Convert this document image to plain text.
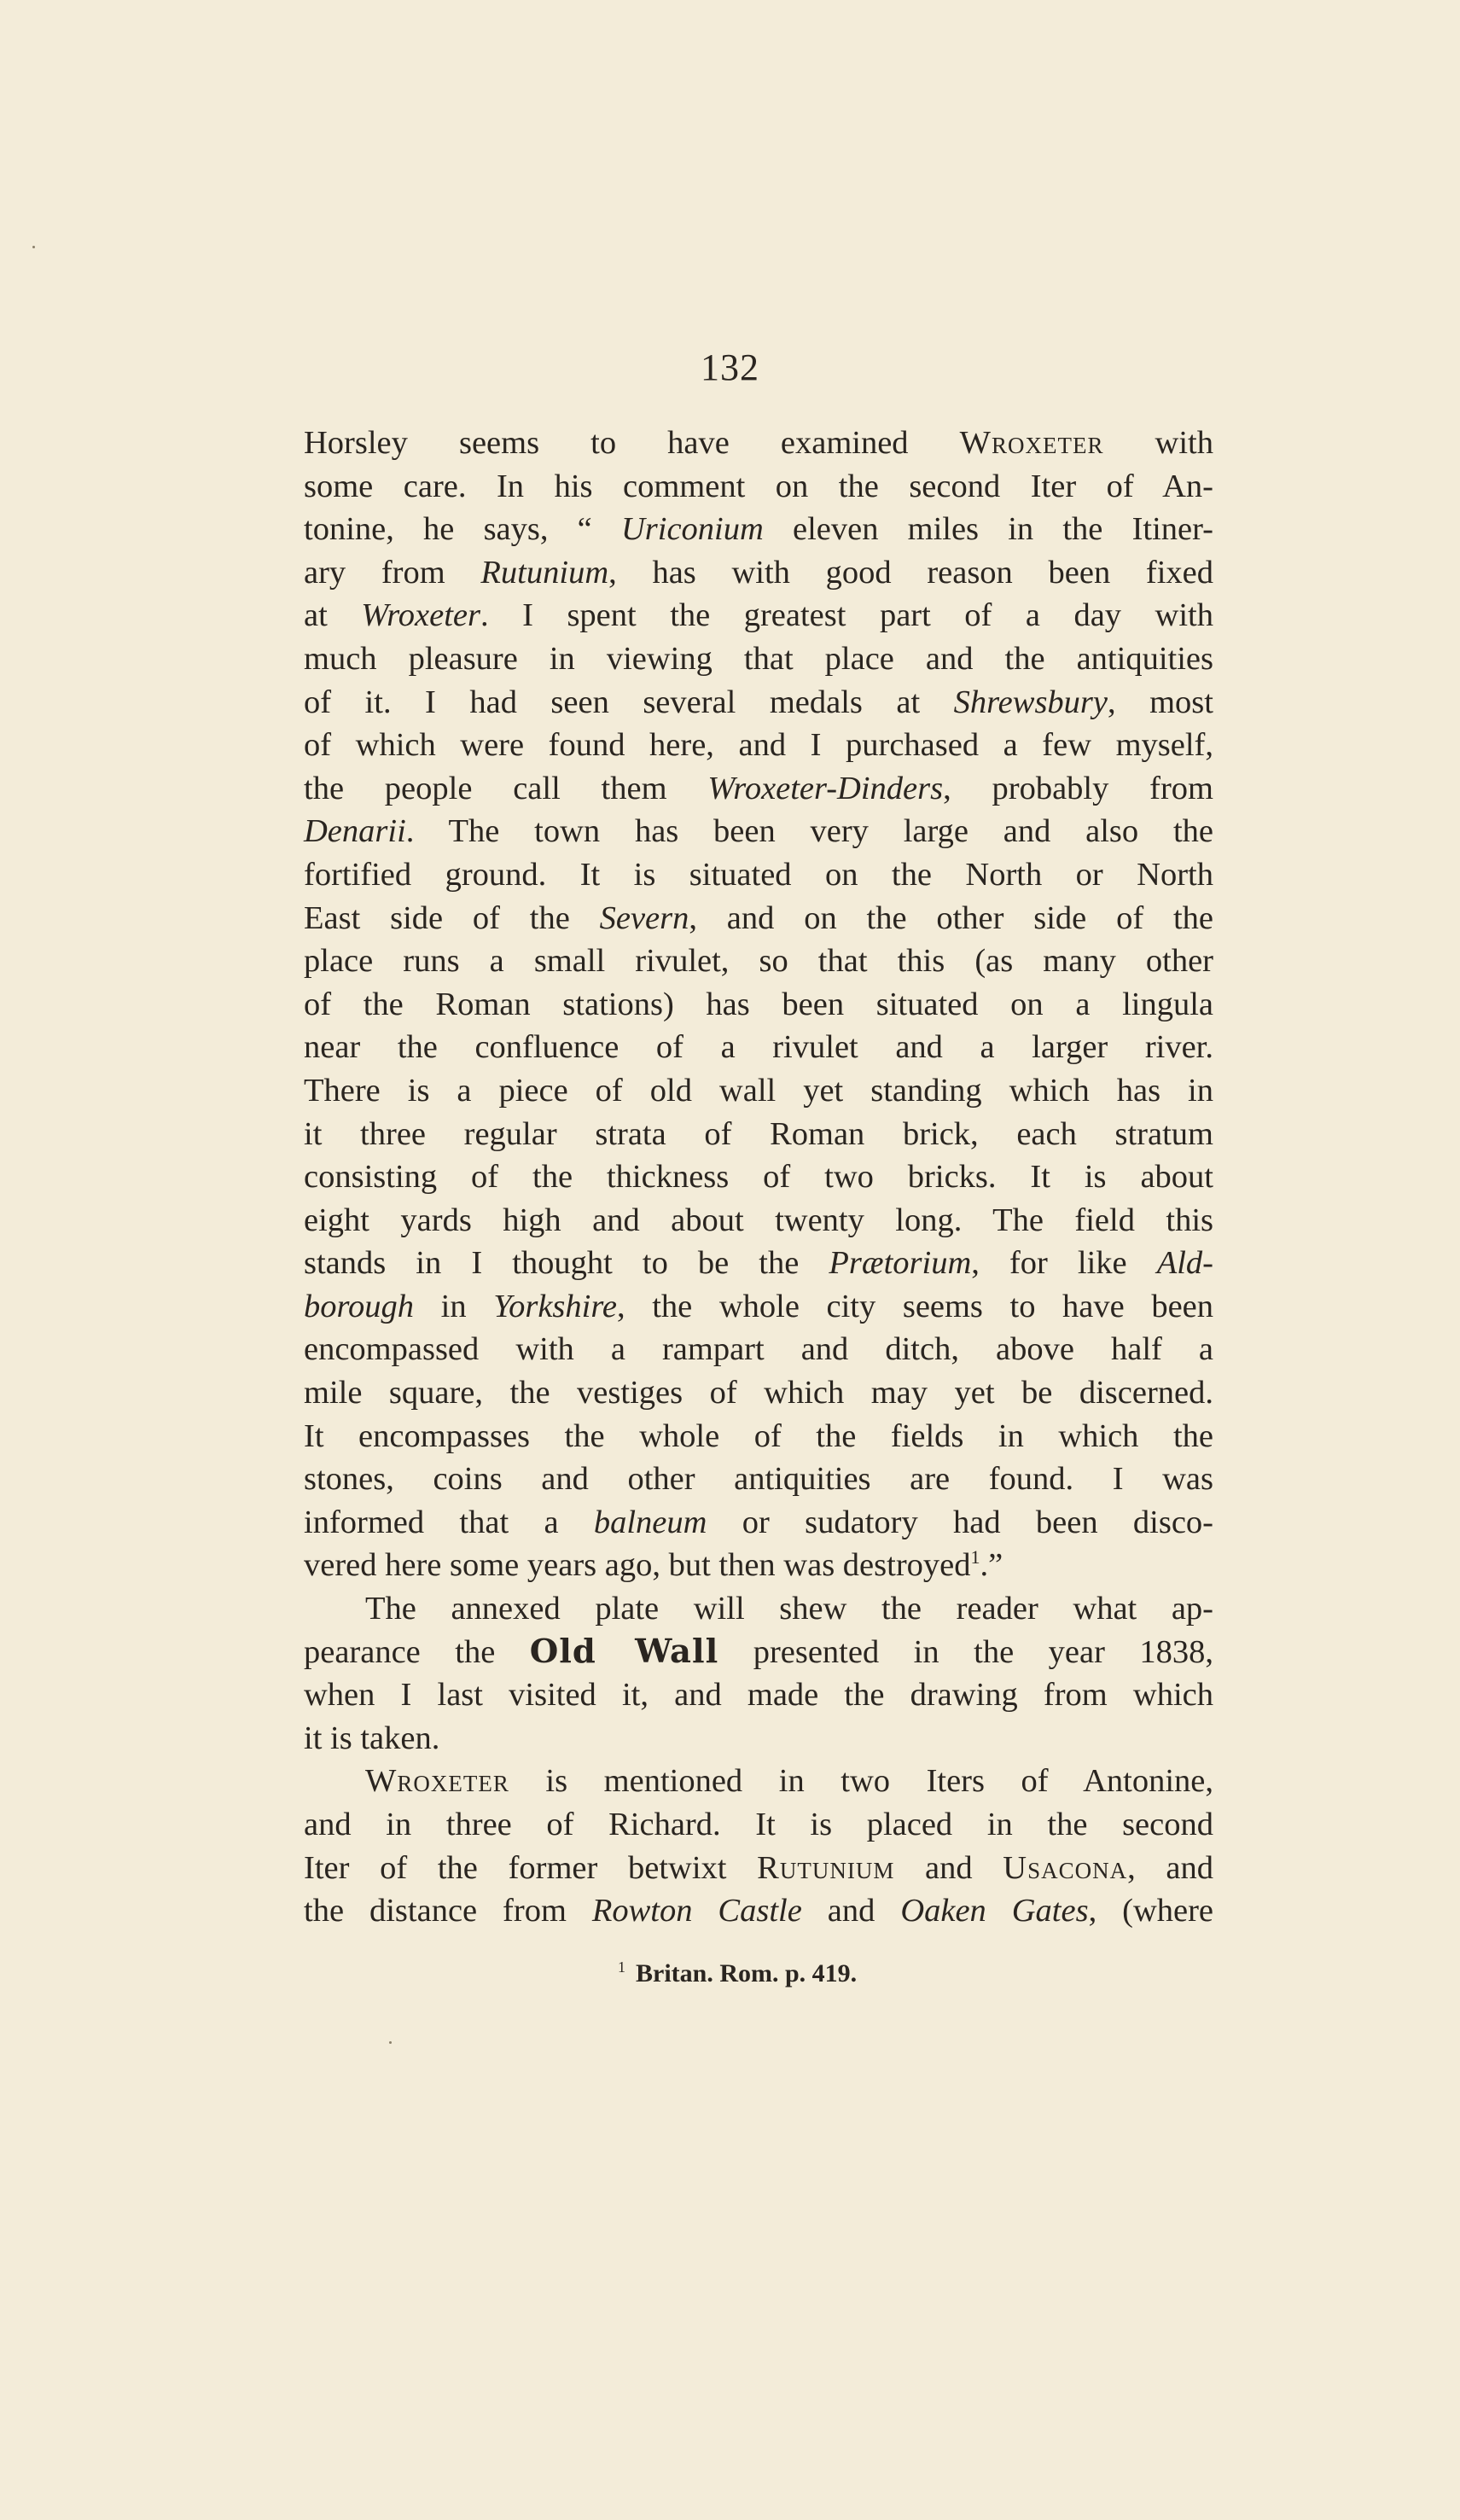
132
Horsley seems to have examined Wroxeter with
some care. In his comment on the second Iter of An-
tonine, he says, “ Uriconium eleven miles in the Itiner-
ary from Rutunium, has with good reason been fixed
at Wroxeter. I spent the greatest part of a day with
much pleasure in viewing that place and the antiquities
of it. I had seen several medals at Shrewsbury, most
of which were found here, and I purchased a few myself,
the people call them Wroxeter-Dinders, probably from
Denarii. The town has been very large and also the
fortified ground. It is situated on the North or North
East side of the Severn, and on the other side of the
place runs a small rivulet, so that this (as many other
of the Roman stations) has been situated on a lingula
near the confluence of a rivulet and a larger river.
There is a piece of old wall yet standing which has in
it three regular strata of Roman brick, each stratum
consisting of the thickness of two bricks. It is about
eight yards high and about twenty long. The field this
stands in I thought to be the Prætorium, for like Ald-
borough in Yorkshire, the whole city seems to have been
encompassed with a rampart and ditch, above half a
mile square, the vestiges of which may yet be discerned.
It encompasses the whole of the fields in which the
stones, coins and other antiquities are found. I was
informed that a balneum or sudatory had been disco-
vered here some years ago, but then was destroyed$^1$.”
The annexed plate will shew the reader what ap-
pearance the Old Wall presented in the year 1838,
when I last visited it, and made the drawing from which
it is taken.
Wroxeter is mentioned in two Iters of Antonine,
and in three of Richard. It is placed in the second
Iter of the former betwixt Rutunium and Usacona, and
the distance from Rowton Castle and Oaken Gates, (where
$^1$ Britan. Rom. p. 419.
